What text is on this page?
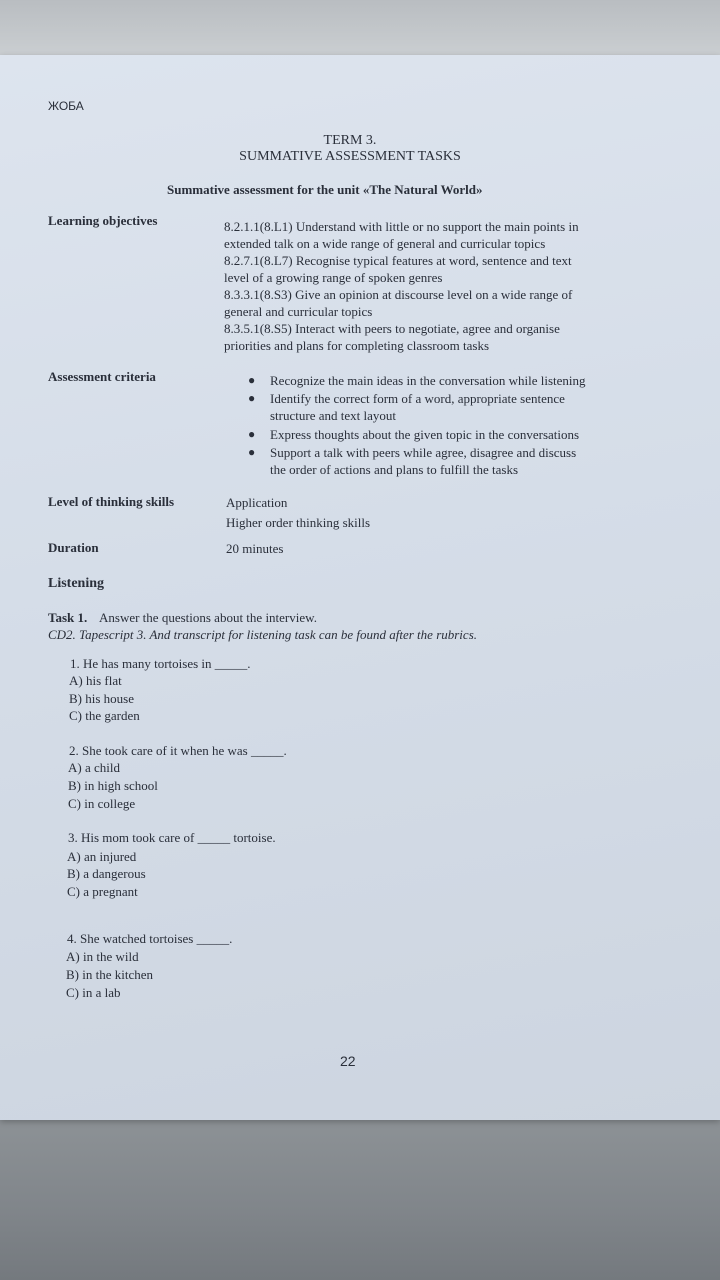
ЖОБА
TERM 3.
SUMMATIVE ASSESSMENT TASKS
Summative assessment for the unit «The Natural World»
Learning objectives	8.2.1.1(8.L1) Understand with little or no support the main points in
extended talk on a wide range of general and curricular topics
8.2.7.1(8.L7) Recognise typical features at word, sentence and text
level of a growing range of spoken genres
8.3.3.1(8.S3) Give an opinion at discourse level on a wide range of
general and curricular topics
8.3.5.1(8.S5) Interact with peers to negotiate, agree and organise
priorities and plans for completing classroom tasks
Assessment criteria	● Recognize the main ideas in the conversation while listening
● Identify the correct form of a word, appropriate sentence
structure and text layout
● Express thoughts about the given topic in the conversations
● Support a talk with peers while agree, disagree and discuss
the order of actions and plans to fulfill the tasks
Level of thinking skills	Application
Higher order thinking skills
Duration	20 minutes
Listening
Task 1. Answer the questions about the interview.
CD2. Tapescript 3. And transcript for listening task can be found after the rubrics.
1. He has many tortoises in _____.
A) his flat
B) his house
C) the garden
2. She took care of it when he was _____.
A) a child
B) in high school
C) in college
3. His mom took care of _____ tortoise.
A) an injured
B) a dangerous
C) a pregnant
4. She watched tortoises _____.
A) in the wild
B) in the kitchen
C) in a lab
22
